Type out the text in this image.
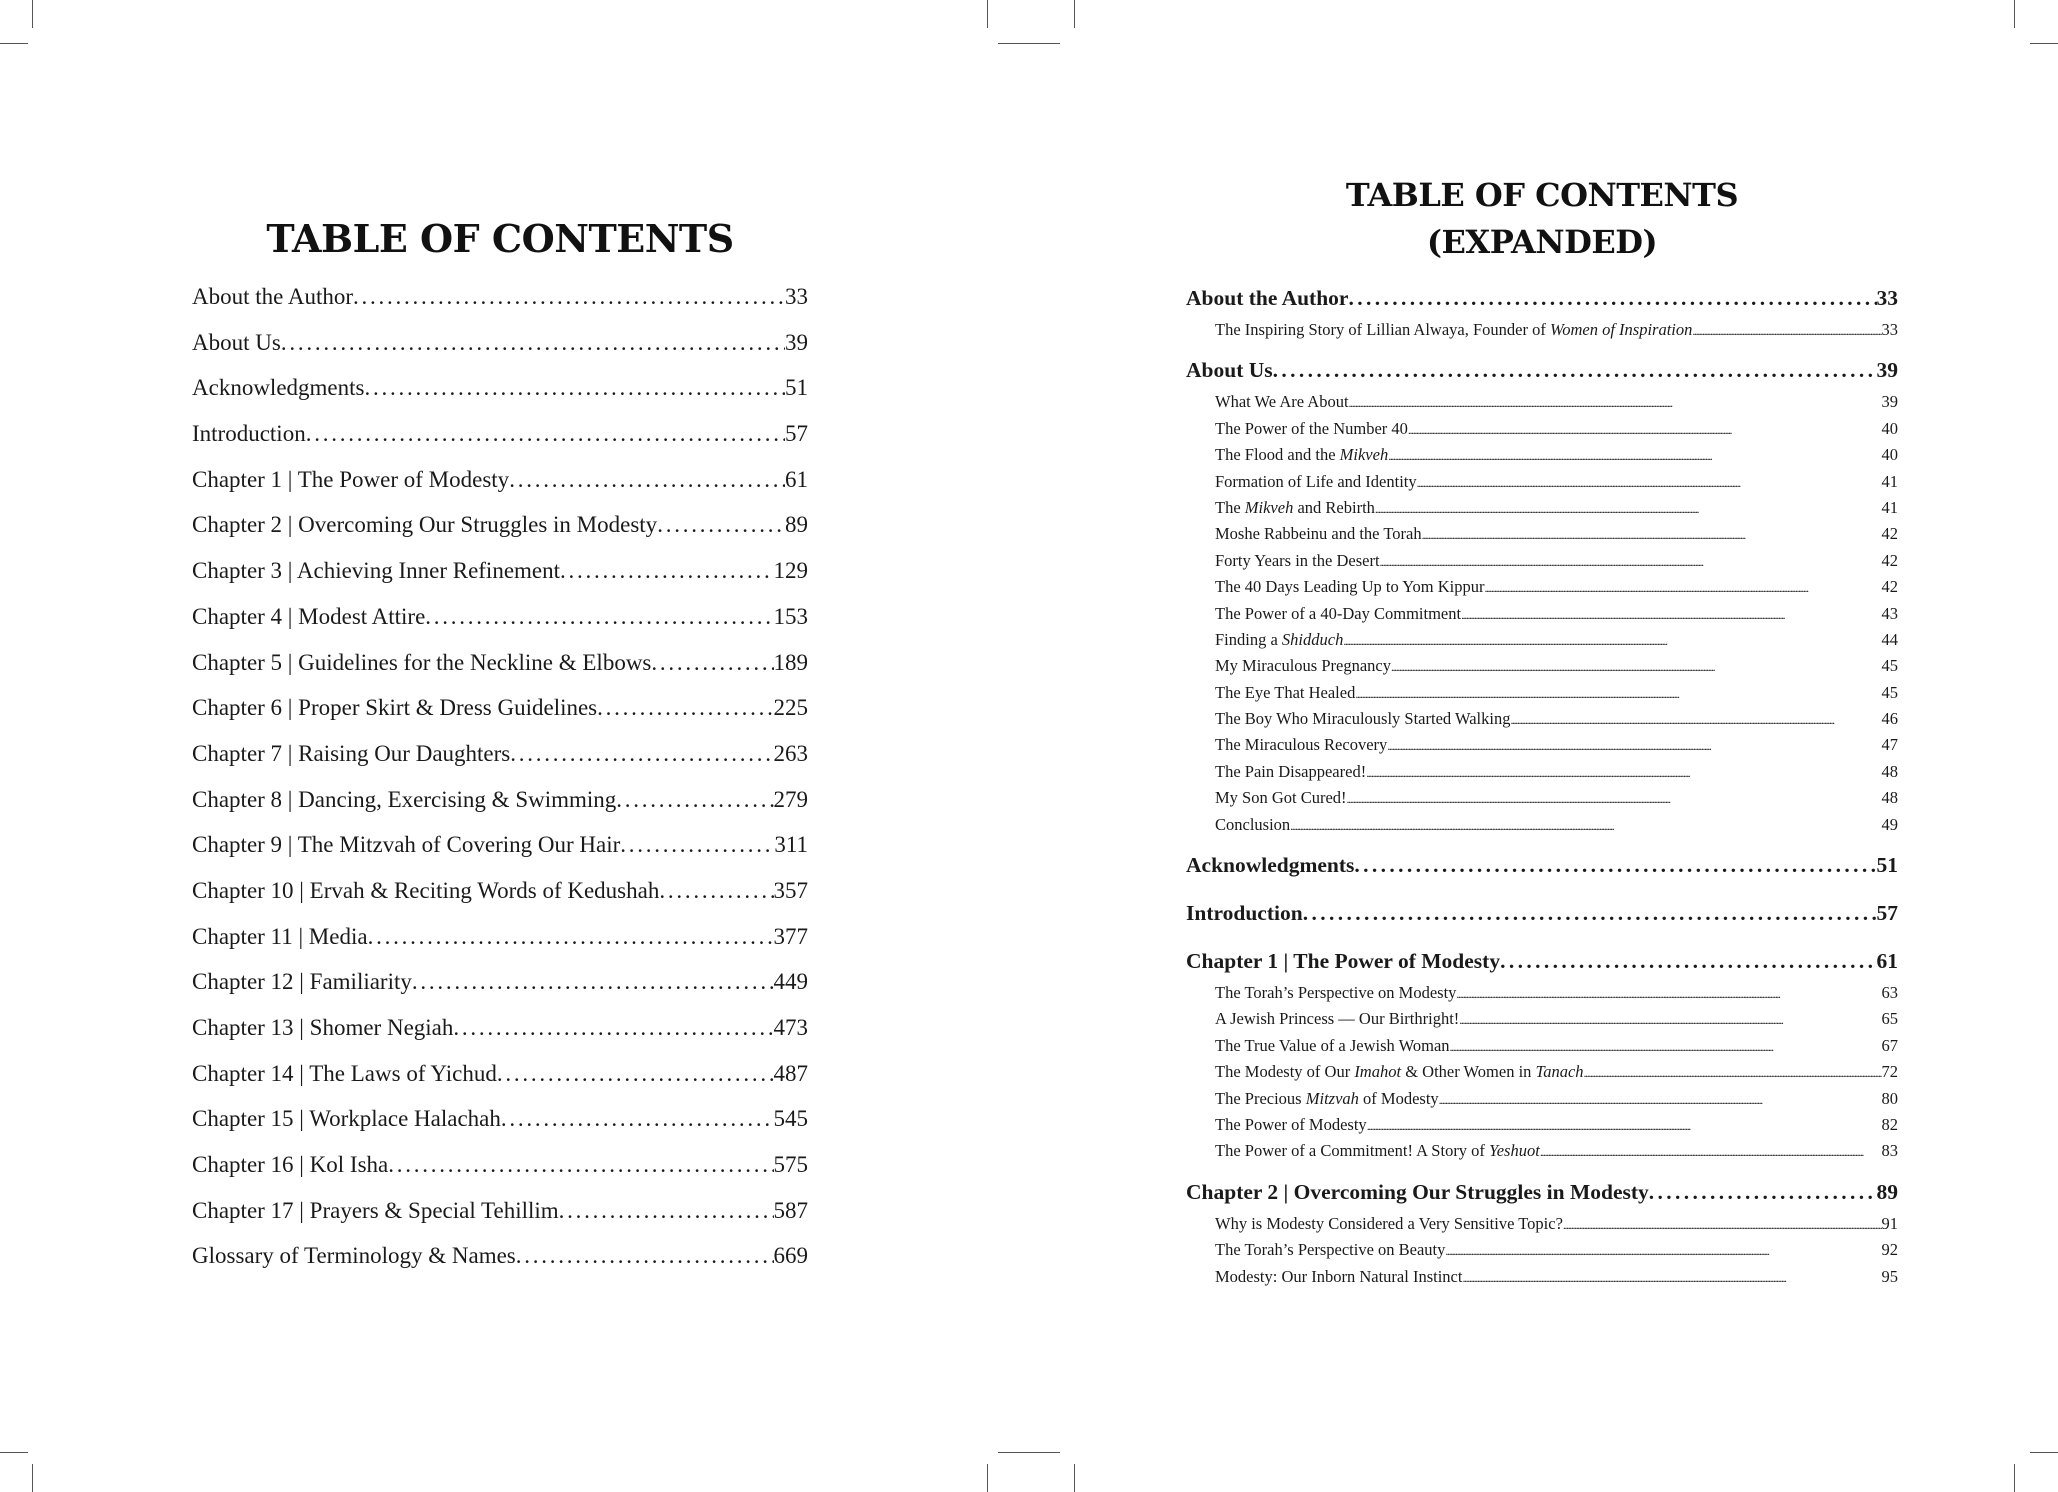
TABLE OF CONTENTS
About the Author . . .	33
About Us . . .	39
Acknowledgments . . .	51
Introduction . . .	57
Chapter 1 | The Power of Modesty . . .	61
Chapter 2 | Overcoming Our Struggles in Modesty . . .	89
Chapter 3 | Achieving Inner Refinement . . .	129
Chapter 4 | Modest Attire . . .	153
Chapter 5 | Guidelines for the Neckline & Elbows . . .	189
Chapter 6 | Proper Skirt & Dress Guidelines . . .	225
Chapter 7 | Raising Our Daughters . . .	263
Chapter 8 | Dancing, Exercising & Swimming . . .	279
Chapter 9 | The Mitzvah of Covering Our Hair . . .	311
Chapter 10 | Ervah & Reciting Words of Kedushah . . .	357
Chapter 11 | Media . . .	377
Chapter 12 | Familiarity . . .	449
Chapter 13 | Shomer Negiah . . .	473
Chapter 14 | The Laws of Yichud . . .	487
Chapter 15 | Workplace Halachah . . .	545
Chapter 16 | Kol Isha . . .	575
Chapter 17 | Prayers & Special Tehillim . . .	587
Glossary of Terminology & Names . . .	669
TABLE OF CONTENTS
(EXPANDED)
About the Author . . .	33
The Inspiring Story of Lillian Alwaya, Founder of Women of Inspiration . . .	33
About Us . . .	39
What We Are About . . .	39
The Power of the Number 40 . . .	40
The Flood and the Mikveh . . .	40
Formation of Life and Identity . . .	41
The Mikveh and Rebirth . . .	41
Moshe Rabbeinu and the Torah . . .	42
Forty Years in the Desert . . .	42
The 40 Days Leading Up to Yom Kippur . . .	42
The Power of a 40-Day Commitment . . .	43
Finding a Shidduch . . .	44
My Miraculous Pregnancy . . .	45
The Eye That Healed . . .	45
The Boy Who Miraculously Started Walking . . .	46
The Miraculous Recovery . . .	47
The Pain Disappeared! . . .	48
My Son Got Cured! . . .	48
Conclusion . . .	49
Acknowledgments . . .	51
Introduction . . .	57
Chapter 1 | The Power of Modesty . . .	61
The Torah’s Perspective on Modesty . . .	63
A Jewish Princess — Our Birthright! . . .	65
The True Value of a Jewish Woman . . .	67
The Modesty of Our Imahot & Other Women in Tanach . . .	72
The Precious Mitzvah of Modesty . . .	80
The Power of Modesty . . .	82
The Power of a Commitment! A Story of Yeshuot . . .	83
Chapter 2 | Overcoming Our Struggles in Modesty . . .	89
Why is Modesty Considered a Very Sensitive Topic? . . .	91
The Torah’s Perspective on Beauty . . .	92
Modesty: Our Inborn Natural Instinct . . .	95
